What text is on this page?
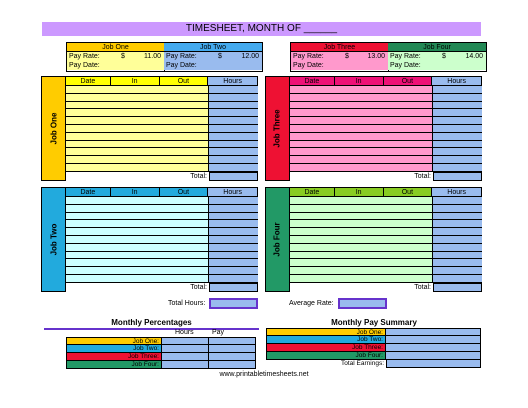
TIMESHEET, MONTH OF ______
Job One
Pay Rate:	$	11.00
Pay Date:
Job Two
Pay Rate:	$	12.00
Pay Date:
Job Three
Pay Rate:	$	13.00
Pay Date:
Job Four
Pay Rate:	$	14.00
Pay Date:
Job One
Date	In	Out	Hours
Total:
Job Three
Date	In	Out	Hours
Total:
Job Two
Date	In	Out	Hours
Total:
Job Four
Date	In	Out	Hours
Total:
Total Hours:	Average Rate:
Monthly Percentages
Hours	Pay
Job One:
Job Two:
Job Three:
Job Four:
Monthly Pay Summary
Job One:
Job Two:
Job Three:
Job Four:
Total Earnings:
www.printabletimesheets.net
